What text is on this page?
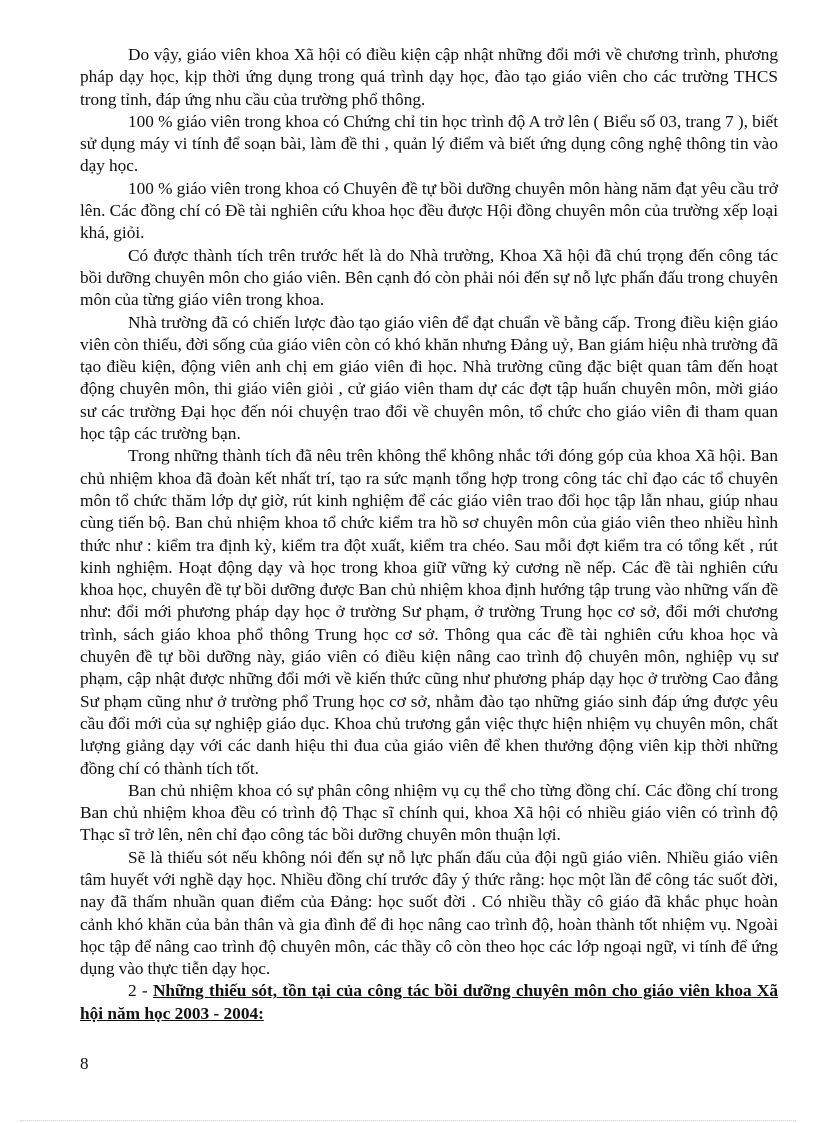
Do vậy, giáo viên khoa Xã hội có điều kiện cập nhật những đổi mới về chương trình, phương pháp dạy học, kịp thời ứng dụng trong quá trình dạy học, đào tạo giáo viên cho các trường THCS trong tỉnh, đáp ứng nhu cầu của trường phổ thông.

100 % giáo viên trong khoa có Chứng chỉ tin học trình độ A trở lên ( Biểu số 03, trang 7 ), biết sử dụng máy vi tính để soạn bài, làm đề thi , quản lý điểm và biết ứng dụng công nghệ thông tin vào dạy học.

100 % giáo viên trong khoa có Chuyên đề tự bồi dưỡng chuyên môn hàng năm đạt yêu cầu trở lên. Các đồng chí có Đề tài nghiên cứu khoa học đều được Hội đồng chuyên môn của trường xếp loại khá, giỏi.

Có được thành tích trên trước hết là do Nhà trường, Khoa Xã hội đã chú trọng đến công tác bồi dưỡng chuyên môn cho giáo viên. Bên cạnh đó còn phải nói đến sự nỗ lực phấn đấu trong chuyên môn của từng giáo viên trong khoa.

Nhà trường đã có chiến lược đào tạo giáo viên để đạt chuẩn về bằng cấp. Trong điều kiện giáo viên còn thiếu, đời sống của giáo viên còn có khó khăn nhưng Đảng uỷ, Ban giám hiệu nhà trường đã tạo điều kiện, động viên anh chị em giáo viên đi học. Nhà trường cũng đặc biệt quan tâm đến hoạt động chuyên môn, thi giáo viên giỏi , cử giáo viên tham dự các đợt tập huấn chuyên môn, mời giáo sư các trường Đại học đến nói chuyện trao đổi về chuyên môn, tổ chức cho giáo viên đi tham quan học tập các trường bạn.

Trong những thành tích đã nêu trên không thể không nhắc tới đóng góp của khoa Xã hội. Ban chủ nhiệm khoa đã đoàn kết nhất trí, tạo ra sức mạnh tổng hợp trong công tác chỉ đạo các tổ chuyên môn tổ chức thăm lớp dự giờ, rút kinh nghiệm để các giáo viên trao đổi học tập lẫn nhau, giúp nhau cùng tiến bộ. Ban chủ nhiệm khoa tổ chức kiểm tra hồ sơ chuyên môn của giáo viên theo nhiều hình thức như : kiểm tra định kỳ, kiểm tra đột xuất, kiểm tra chéo. Sau mỗi đợt kiểm tra có tổng kết , rút kinh nghiệm. Hoạt động dạy và học trong khoa giữ vững kỷ cương nề nếp. Các đề tài nghiên cứu khoa học, chuyên đề tự bồi dưỡng được Ban chủ nhiệm khoa định hướng tập trung vào những vấn đề như: đổi mới phương pháp dạy học ở trường Sư phạm, ở trường Trung học cơ sở, đổi mới chương trình, sách giáo khoa phổ thông Trung học cơ sở. Thông qua các đề tài nghiên cứu khoa học và chuyên đề tự bồi dưỡng này, giáo viên có điều kiện nâng cao trình độ chuyên môn, nghiệp vụ sư phạm, cập nhật được những đổi mới về kiến thức cũng như phương pháp dạy học ở trường Cao đẳng Sư phạm cũng như ở trường phổ Trung học cơ sở, nhằm đào tạo những giáo sinh đáp ứng được yêu cầu đổi mới của sự nghiệp giáo dục. Khoa chủ trương gắn việc thực hiện nhiệm vụ chuyên môn, chất lượng giảng dạy với các danh hiệu thi đua của giáo viên để khen thưởng động viên kịp thời những đồng chí có thành tích tốt.

Ban chủ nhiệm khoa có sự phân công nhiệm vụ cụ thể cho từng đồng chí. Các đồng chí trong Ban chủ nhiệm khoa đều có trình độ Thạc sĩ chính qui, khoa Xã hội có nhiều giáo viên có trình độ Thạc sĩ trở lên, nên chỉ đạo công tác bồi dưỡng chuyên môn thuận lợi.

Sẽ là thiếu sót nếu không nói đến sự nỗ lực phấn đấu của đội ngũ giáo viên. Nhiều giáo viên tâm huyết với nghề dạy học. Nhiều đồng chí trước đây ý thức rằng: học một lần để công tác suốt đời, nay đã thấm nhuần quan điểm của Đảng: học suốt đời . Có nhiều thầy cô giáo đã khắc phục hoàn cảnh khó khăn của bản thân và gia đình để đi học nâng cao trình độ, hoàn thành tốt nhiệm vụ. Ngoài học tập để nâng cao trình độ chuyên môn, các thầy cô còn theo học các lớp ngoại ngữ, vi tính để ứng dụng vào thực tiễn dạy học.

2 - Những thiếu sót, tồn tại của công tác bồi dưỡng chuyên môn cho giáo viên khoa Xã hội năm học 2003 - 2004:

8
